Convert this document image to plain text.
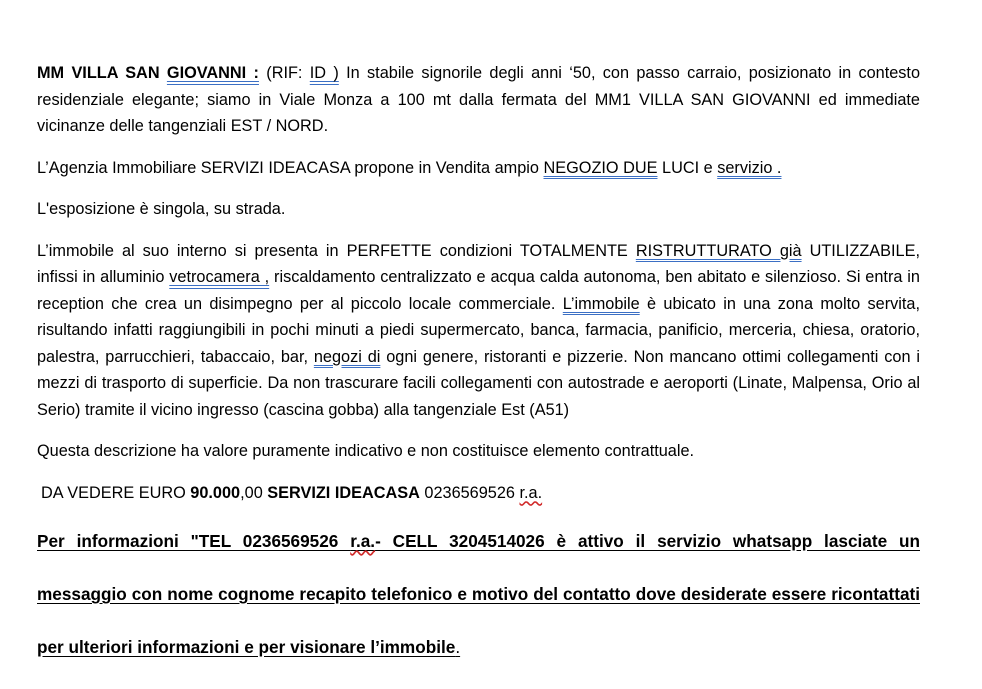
MM VILLA SAN GIOVANNI : (RIF: ID ) In stabile signorile degli anni ‘50, con passo carraio, posizionato in contesto residenziale elegante; siamo in Viale Monza a 100 mt dalla fermata del MM1 VILLA SAN GIOVANNI ed immediate vicinanze delle tangenziali EST / NORD.

L’Agenzia Immobiliare SERVIZI IDEACASA propone in Vendita ampio NEGOZIO DUE LUCI e servizio .

L'esposizione è singola, su strada.

L’immobile al suo interno si presenta in PERFETTE condizioni TOTALMENTE RISTRUTTURATO già UTILIZZABILE, infissi in alluminio vetrocamera , riscaldamento centralizzato e acqua calda autonoma, ben abitato e silenzioso. Si entra in reception che crea un disimpegno per al piccolo locale commerciale. L’immobile è ubicato in una zona molto servita, risultando infatti raggiungibili in pochi minuti a piedi supermercato, banca, farmacia, panificio, merceria, chiesa, oratorio, palestra, parrucchieri, tabaccaio, bar, negozi di ogni genere, ristoranti e pizzerie. Non mancano ottimi collegamenti con i mezzi di trasporto di superficie. Da non trascurare facili collegamenti con autostrade e aeroporti (Linate, Malpensa, Orio al Serio) tramite il vicino ingresso (cascina gobba) alla tangenziale Est (A51)

Questa descrizione ha valore puramente indicativo e non costituisce elemento contrattuale.

DA VEDERE EURO 90.000,00 SERVIZI IDEACASA 0236569526 r.a.

Per informazioni "TEL 0236569526 r.a.- CELL 3204514026 è attivo il servizio whatsapp lasciate un messaggio con nome cognome recapito telefonico e motivo del contatto dove desiderate essere ricontattati per ulteriori informazioni e per visionare l’immobile.
